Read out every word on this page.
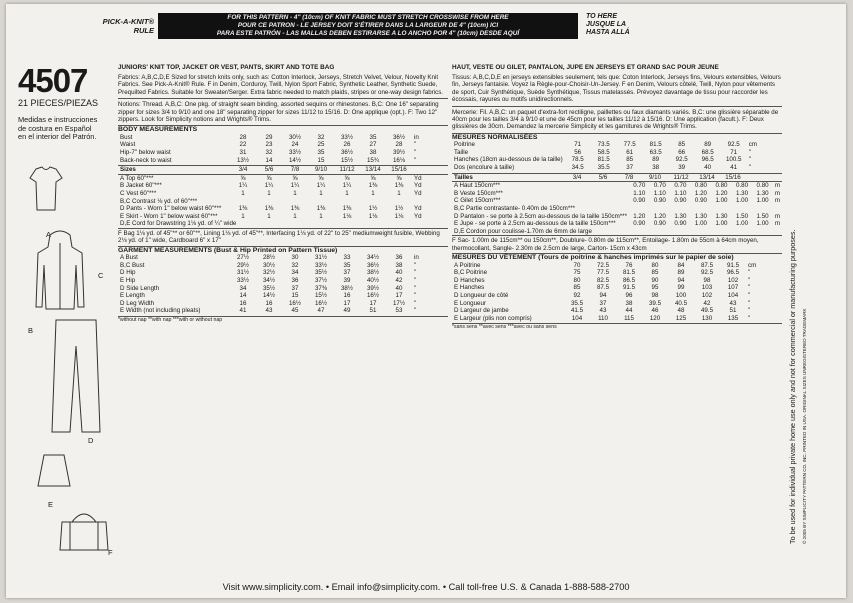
PICK-A-KNIT® RULE
FOR THIS PATTERN - 4" (10cm) OF KNIT FABRIC MUST STRETCH CROSSWISE FROM HERE
POUR CE PATRON - LE JERSEY DOIT S'ÉTIRER DANS LA LARGEUR DE 4" (10cm) ICI
PARA ESTE PATRÓN - LAS MALLAS DEBEN ESTIRARSE A LO ANCHO POR 4" (10cm) DESDE AQUÍ
TO HERE
JUSQUE LA
HASTA ALLÁ
4507
21 PIECES/PIEZAS
Medidas e instrucciones de costura en Español en el interior del Patrón.
A
C
B
D
E
F
JUNIORS' KNIT TOP, JACKET OR VEST, PANTS, SKIRT AND TOTE BAG
Fabrics: A,B,C,D,E Sized for stretch knits only, such as: Cotton Interlock, Jerseys, Stretch Velvet, Velour, Novelty Knit Fabrics. See Pick-A-Knit® Rule. F in Denim, Corduroy, Twill, Nylon Sport Fabric, Synthetic Leather, Synthetic Suede, Prequilted Fabrics. Suitable for Sweater/Serger. Extra fabric needed to match plaids, stripes or one-way design fabrics.
Notions: Thread. A,B,C: One pkg. of straight seam binding, assorted sequins or rhinestones. B,C: One 16" separating zipper for sizes 3/4 to 9/10 and one 18" separating zipper for sizes 11/12 to 15/16. D: One applique (opt.). F: Two 12" zippers. Look for Simplicity notions and Wrights® Trims.
BODY MEASUREMENTS
Bust	28	29	30½	32	33½	35	36½	in
Waist	22	23	24	25	26	27	28	"
Hip-7" below waist	31	32	33½	35	36½	38	39½	"
Back-neck to waist	13½	14	14½	15	15½	15¾	16⅛	"
Sizes	3/4	5/6	7/8	9/10	11/12	13/14	15/16
A Top 60"***	⅝	⅝	⅝	⅝	⅝	⅝	⅝	Yd
B Jacket 60"***	1¼	1¼	1¼	1¼	1¼	1⅜	1⅜	Yd
C Vest 60"***	1	1	1	1	1	1	1	Yd
B,C Contrast ⅛ yd. of 60"***								
D Pants - Worn 1" below waist 60"***	1⅜	1⅜	1⅜	1⅜	1⅜	1½	1½	Yd
E Skirt - Worn 1" below waist 60"***	1	1	1	1	1⅛	1⅛	1⅛	Yd
D,E Cord for Drawstring 1⅛ yd. of ¼" wide								
F Bag 1⅛ yd. of 45"** or 60"**, Lining 1⅛ yd. of 45"**, Interfacing 1⅛ yd. of 22" to 25" mediumweight fusible, Webbing 2⅛ yd. of 1" wide, Cardboard 6" x 17"
GARMENT MEASUREMENTS (Bust & Hip Printed on Pattern Tissue)
A Bust	27½	28½	30	31½	33	34½	36	in
B,C Bust	29½	30½	32	33½	35	36½	38	"
D Hip	31½	32½	34	35½	37	38½	40	"
E Hip	33½	34½	36	37½	39	40½	42	"
D Side Length	34	35½	37	37⅜	38½	39½	40	"
E Length	14	14½	15	15½	16	16½	17	"
D Leg Width	16	16	16½	16½	17	17	17½	"
E Width (not including pleats)	41	43	45	47	49	51	53	"
*without nap **with nap ***with or without nap
HAUT, VESTE OU GILET, PANTALON, JUPE EN JERSEYS ET GRAND SAC POUR JEUNE
Tissus: A,B,C,D,E en jerseys extensibles seulement, tels que: Coton Interlock, Jerseys fins, Velours extensibles, Velours fin, Jerseys fantaisie. Voyez la Règle-pour-Choisir-Un-Jersey. F en Denim, Velours côtelé, Twill, Nylon pour vêtements de sport, Cuir Synthétique, Suède Synthétique, Tissus matelassés. Prévoyez davantage de tissu pour raccorder les écossais, rayures ou motifs unidirectionnels.
Mercerie: Fil. A,B,C: un paquet d'extra-fort rectiligne, paillettes ou faux diamants variés. B,C: une glissière séparable de 40cm pour les tailles 3/4 à 9/10 et une de 45cm pour les tailles 11/12 à 15/16. D: Une application (facult.). F: Deux glissières de 30cm. Demandez la mercerie Simplicity et les garnitures de Wrights® Trims.
MESURES NORMALISÉES
Poitrine	71	73.5	77.5	81.5	85	89	92.5	cm
Taille	56	58.5	61	63.5	66	68.5	71	"
Hanches (18cm au-dessous de la taille)	78.5	81.5	85	89	92.5	96.5	100.5	"
Dos (encolure à taille)	34.5	35.5	37	38	39	40	41	"
Tailles	3/4	5/6	7/8	9/10	11/12	13/14	15/16
A Haut 150cm***	0.70	0.70	0.70	0.80	0.80	0.80	0.80	m
B Veste 150cm***	1.10	1.10	1.10	1.20	1.20	1.30	1.30	m
C Gilet 150cm***	0.90	0.90	0.90	0.90	1.00	1.00	1.00	m
B,C Partie contrastante- 0.40m de 150cm***								
D Pantalon - se porte à 2.5cm au-dessous de la taille 150cm***	1.20	1.20	1.30	1.30	1.30	1.50	1.50	m
E Jupe - se porte à 2.5cm au-dessous de la taille 150cm***	0.90	0.90	0.90	1.00	1.00	1.00	1.00	m
D,E Cordon pour coulisse-1.70m de 6mm de large								
F Sac- 1.00m de 115cm** ou 150cm**, Doublure- 0.80m de 115cm**, Entoilage- 1.80m de 55cm à 64cm moyen, thermocollant, Sangle- 2.30m de 2.5cm de large, Carton- 15cm x 43cm
MESURES DU VÊTEMENT (Tours de poitrine & hanches imprimés sur le papier de soie)
A Poitrine	70	72.5	76	80	84	87.5	91.5	cm
B,C Poitrine	75	77.5	81.5	85	89	92.5	96.5	"
D Hanches	80	82.5	86.5	90	94	98	102	"
E Hanches	85	87.5	91.5	95	99	103	107	"
D Longueur de côté	92	94	96	98	100	102	104	"
E Longueur	35.5	37	38	39.5	40.5	42	43	"
D Largeur de jambe	41.5	43	44	46	48	49.5	51	"
E Largeur (plis non compris)	104	110	115	120	125	130	135	"
*sans sens **avec sens ***avec ou sans sens	To be used for individual private home use only and not for commercial or manufacturing purposes. © 2005 BY SIMPLICITY PATTERN CO. INC. PRINTED IN USA. ORIGINAL SIZES UNREGISTERED TRADEMARK
Visit www.simplicity.com. • Email info@simplicity.com. • Call toll-free U.S. & Canada 1-888-588-2700
